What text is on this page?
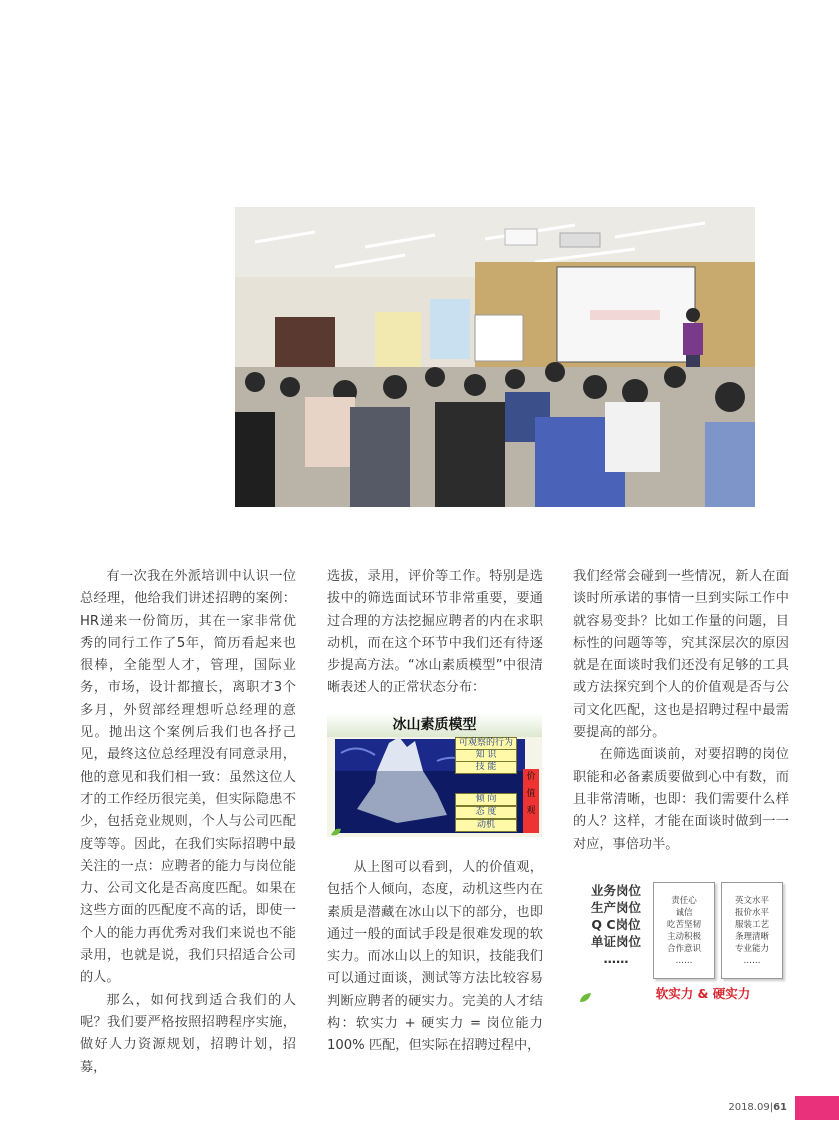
有一次我在外派培训中认识一位总经理，他给我们讲述招聘的案例：HR递来一份简历，其在一家非常优秀的同行工作了5年，简历看起来也很棒，全能型人才，管理，国际业务，市场，设计都擅长，离职才3个多月，外贸部经理想听总经理的意见。抛出这个案例后我们也各抒己见，最终这位总经理没有同意录用，他的意见和我们相一致：虽然这位人才的工作经历很完美，但实际隐患不少，包括竞业规则，个人与公司匹配度等等。因此，在我们实际招聘中最关注的一点：应聘者的能力与岗位能力、公司文化是否高度匹配。如果在这些方面的匹配度不高的话，即使一个人的能力再优秀对我们来说也不能录用，也就是说，我们只招适合公司的人。

那么，如何找到适合我们的人呢？我们要严格按照招聘程序实施，做好人力资源规划，招聘计划，招募，

选拔，录用，评价等工作。特别是选拔中的筛选面试环节非常重要，要通过合理的方法挖掘应聘者的内在求职动机，而在这个环节中我们还有待逐步提高方法。“冰山素质模型”中很清晰表述人的正常状态分布：

从上图可以看到，人的价值观，包括个人倾向，态度，动机这些内在素质是潜藏在冰山以下的部分，也即通过一般的面试手段是很难发现的软实力。而冰山以上的知识，技能我们可以通过面谈，测试等方法比较容易判断应聘者的硬实力。完美的人才结构：软实力 + 硬实力 = 岗位能力100% 匹配，但实际在招聘过程中，

冰山素质模型
可观察的行为
知 识
技 能
倾 向
态 度
动机
价值观

我们经常会碰到一些情况，新人在面谈时所承诺的事情一旦到实际工作中就容易变卦？比如工作量的问题，目标性的问题等等，究其深层次的原因就是在面谈时我们还没有足够的工具或方法探究到个人的价值观是否与公司文化匹配，这也是招聘过程中最需要提高的部分。

在筛选面谈前，对要招聘的岗位职能和必备素质要做到心中有数，而且非常清晰，也即：我们需要什么样的人？这样，才能在面谈时做到一一对应，事倍功半。

业务岗位
生产岗位
Q C岗位
单证岗位
……
责任心
诚信
吃苦坚韧
主动积极
合作意识
……
英文水平
报价水平
服装工艺
条理清晰
专业能力
……
软实力 & 硬实力
2018.09|61
